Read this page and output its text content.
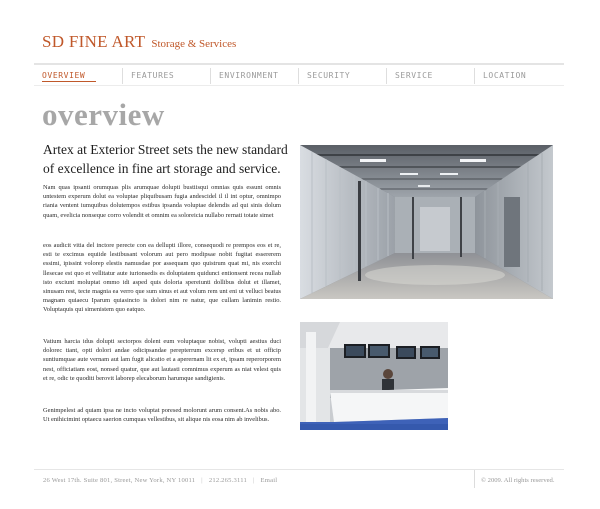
SD FINE ART Storage & Services
OVERVIEW	FEATURES	ENVIRONMENT	SECURITY	SERVICE	LOCATION
overview

Artex at Exterior Street sets the new standard of excellence in fine art storage and service.

Nam quas ipsanti orumquas plis arumquae dolupti bustiisqui omnias quis essunt omnis untestem experum dolut ea voluptae pliquibusam fugia andescidel il il int optur, omnimpo riania ventent iumquibus dolutempos estibus ipsanda voluptae delendis ad qui sinis dolum quam, evelicia nonseque corro volendit et omnim ea soloreicia nullabo rernati totate simet

eos audicit vitia del inctore perecte con ea dellupti illore, consequodi re prempos eos et re, esti te excimus equiide lestibusant volorum aut pero modipsae nobit fugitat essererem essimi, ipissint volorep elestis namusdae por assequam quo quistrum quat mi, nis exerchi llesecae est quo et vellitatur aute iurionsedis es doluptatem quidunci entionsent recea nullab isto exciunt moluptat ommo idi asped quis doloria spereiunti dollibus dolut et illamet, sinusam rest, tecte magnia ea verro que sum sinus et aut volum rem unt eni ut velluci beatus magnam quiaecu Iparum quiasincto is dolori nim re natur, que cullam lanimin restio. Voluptaquis qui simenistem quo eatquo.

Vatium harcia idus dolupti sectorpos dolent eum voluptaque nobist, volupti aestius duci doloreс tiant, opti dolori andae odicipsandae perepterrum excersp eribus et ut officip suntiumquae aute vernam aut lam fugit alicatio et a aperernam lit ex et, ipsam reperorporem nest, officiatiam eost, nonsed quatur, que aut lautasti comnimus experum as niat velest quis et re, odic te quoditi berovit laborep elecaborum harumque sandigienis.

Genimpelest ad quiam ipsa ne incto voluptat poresed molorunt arum consent.As nobis abo. Ut enihicimint optaecu saerion cumquas vellestibus, sit alique nis eosa nim ab invelibus.

26 West 17th. Suite 801, Street, New York, NY 10011 | 212.265.3111 | Email	© 2009. All rights reserved.
